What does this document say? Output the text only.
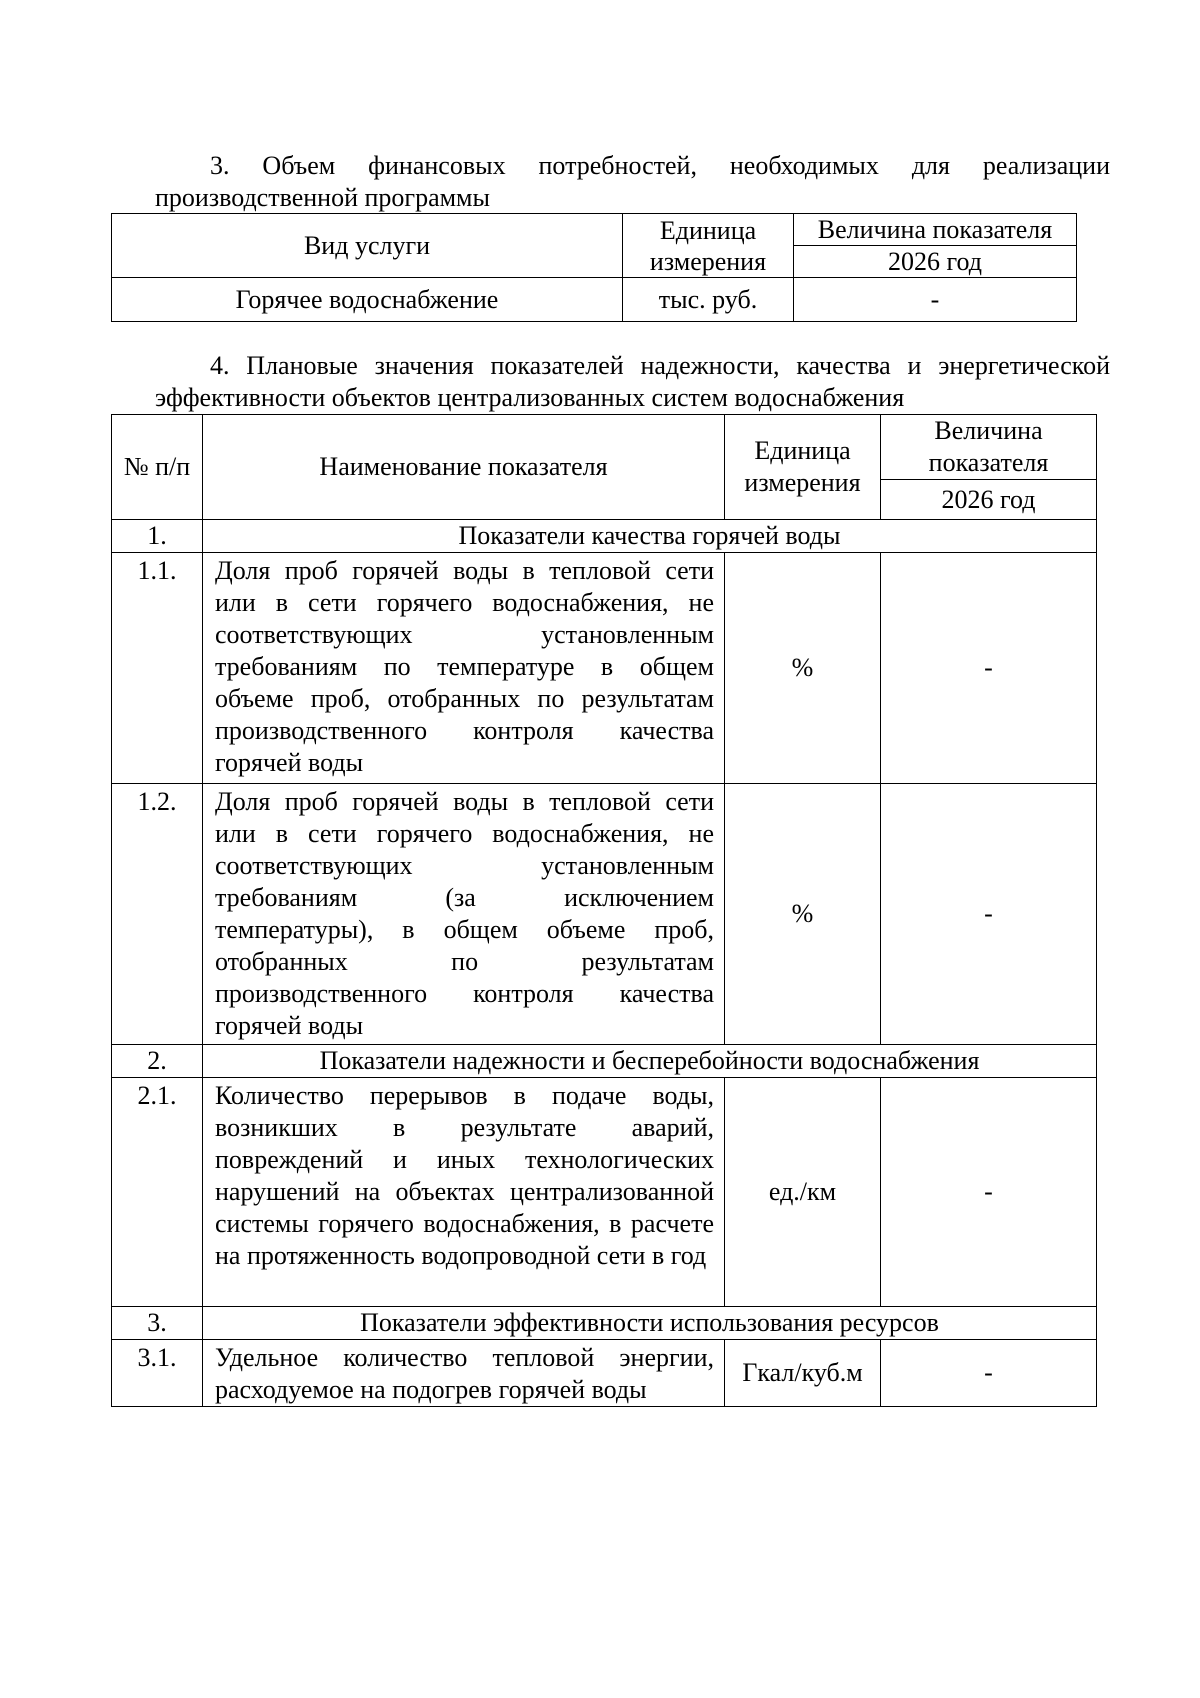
3. Объем финансовых потребностей, необходимых для реализации
производственной программы
Вид услуги	Единица измерения	Величина показателя
		2026 год
Горячее водоснабжение	тыс. руб.	-
4. Плановые значения показателей надежности, качества и энергетической
эффективности объектов централизованных систем водоснабжения
№ п/п	Наименование показателя	Единица измерения	Величина показателя
			2026 год
1.	Показатели качества горячей воды		
1.1.	Доля проб горячей воды в тепловой сети или в сети горячего водоснабжения, не соответствующих установленным требованиям по температуре в общем объеме проб, отобранных по результатам производственного контроля качества горячей воды	%	-
1.2.	Доля проб горячей воды в тепловой сети или в сети горячего водоснабжения, не соответствующих установленным требованиям (за исключением температуры), в общем объеме проб, отобранных по результатам производственного контроля качества горячей воды	%	-
2.	Показатели надежности и бесперебойности водоснабжения		
2.1.	Количество перерывов в подаче воды, возникших в результате аварий, повреждений и иных технологических нарушений на объектах централизованной системы горячего водоснабжения, в расчете на протяженность водопроводной сети в год	ед./км	-
3.	Показатели эффективности использования ресурсов		
3.1.	Удельное количество тепловой энергии, расходуемое на подогрев горячей воды	Гкал/куб.м	-
